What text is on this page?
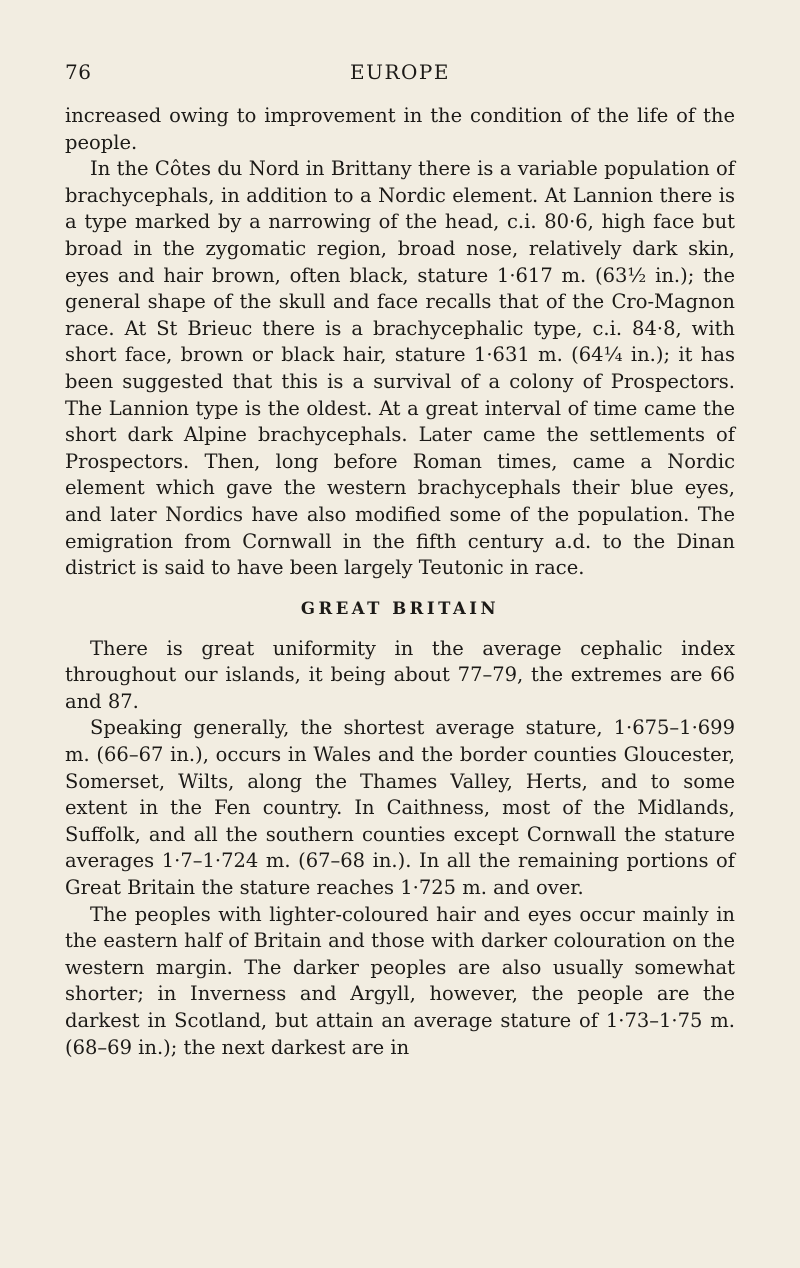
76	EUROPE

increased owing to improvement in the condition of the life of the people.

In the Côtes du Nord in Brittany there is a variable population of brachycephals, in addition to a Nordic element. At Lannion there is a type marked by a narrowing of the head, c.i. 80·6, high face but broad in the zygomatic region, broad nose, relatively dark skin, eyes and hair brown, often black, stature 1·617 m. (63½ in.); the general shape of the skull and face recalls that of the Cro-Magnon race. At St Brieuc there is a brachycephalic type, c.i. 84·8, with short face, brown or black hair, stature 1·631 m. (64¼ in.); it has been suggested that this is a survival of a colony of Prospectors. The Lannion type is the oldest. At a great interval of time came the short dark Alpine brachycephals. Later came the settlements of Prospectors. Then, long before Roman times, came a Nordic element which gave the western brachycephals their blue eyes, and later Nordics have also modified some of the population. The emigration from Cornwall in the fifth century a.d. to the Dinan district is said to have been largely Teutonic in race.

GREAT BRITAIN

There is great uniformity in the average cephalic index throughout our islands, it being about 77–79, the extremes are 66 and 87.

Speaking generally, the shortest average stature, 1·675–1·699 m. (66–67 in.), occurs in Wales and the border counties Gloucester, Somerset, Wilts, along the Thames Valley, Herts, and to some extent in the Fen country. In Caithness, most of the Midlands, Suffolk, and all the southern counties except Cornwall the stature averages 1·7–1·724 m. (67–68 in.). In all the remaining portions of Great Britain the stature reaches 1·725 m. and over.

The peoples with lighter-coloured hair and eyes occur mainly in the eastern half of Britain and those with darker colouration on the western margin. The darker peoples are also usually somewhat shorter; in Inverness and Argyll, however, the people are the darkest in Scotland, but attain an average stature of 1·73–1·75 m. (68–69 in.); the next darkest are in
